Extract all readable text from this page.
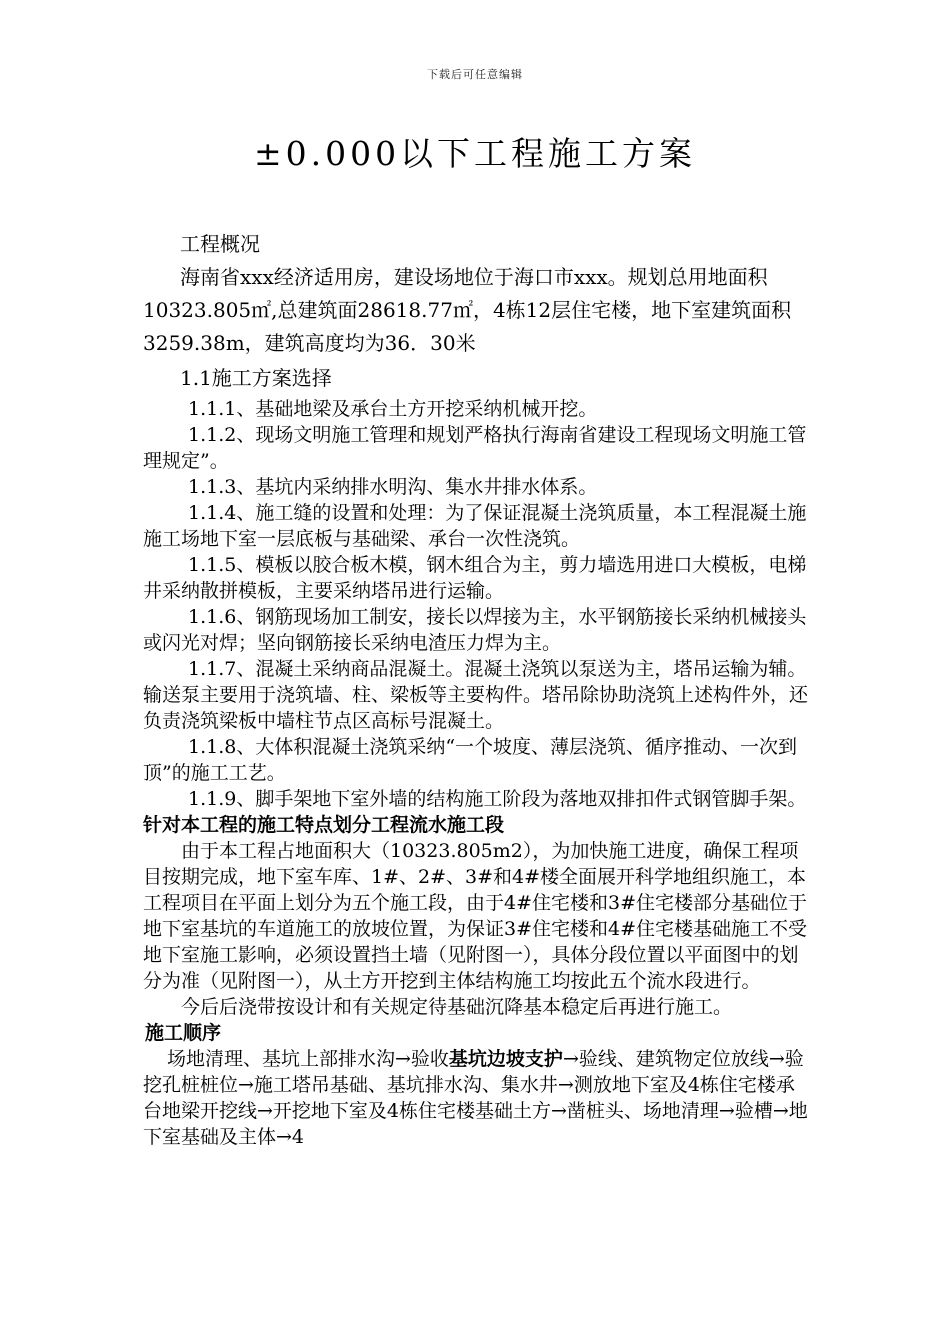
下载后可任意编辑
±0.000以下工程施工方案

工程概况

海南省xxx经济适用房，建设场地位于海口市xxx。规划总用地面积10323.805㎡,总建筑面28618.77㎡，4栋12层住宅楼，地下室建筑面积3259.38m，建筑高度均为36．30米

1.1施工方案选择

1.1.1、基础地梁及承台土方开挖采纳机械开挖。

1.1.2、现场文明施工管理和规划严格执行海南省建设工程现场文明施工管理规定”。

1.1.3、基坑内采纳排水明沟、集水井排水体系。

1.1.4、施工缝的设置和处理：为了保证混凝土浇筑质量，本工程混凝土施施工场地下室一层底板与基础梁、承台一次性浇筑。

1.1.5、模板以胶合板木模，钢木组合为主，剪力墙选用进口大模板，电梯井采纳散拼模板，主要采纳塔吊进行运输。

1.1.6、钢筋现场加工制安，接长以焊接为主，水平钢筋接长采纳机械接头或闪光对焊；坚向钢筋接长采纳电渣压力焊为主。

1.1.7、混凝土采纳商品混凝土。混凝土浇筑以泵送为主，塔吊运输为辅。输送泵主要用于浇筑墙、柱、梁板等主要构件。塔吊除协助浇筑上述构件外，还负责浇筑梁板中墙柱节点区高标号混凝土。

1.1.8、大体积混凝土浇筑采纳“一个坡度、薄层浇筑、循序推动、一次到顶”的施工工艺。

1.1.9、脚手架地下室外墙的结构施工阶段为落地双排扣件式钢管脚手架。

针对本工程的施工特点划分工程流水施工段

由于本工程占地面积大（10323.805m2），为加快施工进度，确保工程项目按期完成，地下室车库、1#、2#、3#和4#楼全面展开科学地组织施工，本工程项目在平面上划分为五个施工段，由于4#住宅楼和3#住宅楼部分基础位于地下室基坑的车道施工的放坡位置，为保证3#住宅楼和4#住宅楼基础施工不受地下室施工影响，必须设置挡土墙（见附图一），具体分段位置以平面图中的划分为准（见附图一），从土方开挖到主体结构施工均按此五个流水段进行。

今后后浇带按设计和有关规定待基础沉降基本稳定后再进行施工。

施工顺序

场地清理、基坑上部排水沟→验收基坑边坡支护→验线、建筑物定位放线→验挖孔桩桩位→施工塔吊基础、基坑排水沟、集水井→测放地下室及4栋住宅楼承台地梁开挖线→开挖地下室及4栋住宅楼基础土方→凿桩头、场地清理→验槽→地下室基础及主体→4
